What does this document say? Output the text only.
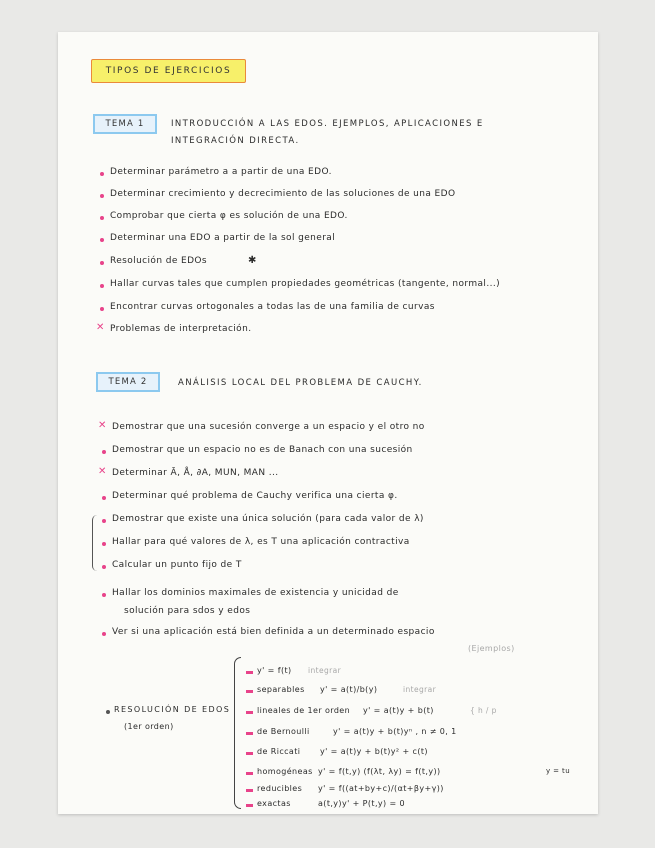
TIPOS DE EJERCICIOS
TEMA 1	INTRODUCCIÓN A LAS EDOS. EJEMPLOS, APLICACIONES E
INTEGRACIÓN DIRECTA.
Determinar parámetro a a partir de una EDO.
Determinar crecimiento y decrecimiento de las soluciones de una EDO
Comprobar que cierta φ es solución de una EDO.
Determinar una EDO a partir de la sol general
Resolución de EDOs	✱
Hallar curvas tales que cumplen propiedades geométricas (tangente, normal...)
Encontrar curvas ortogonales a todas las de una familia de curvas
✕ Problemas de interpretación.
TEMA 2	ANÁLISIS LOCAL DEL PROBLEMA DE CAUCHY.
✕ Demostrar que una sucesión converge a un espacio y el otro no
Demostrar que un espacio no es de Banach con una sucesión
✕ Determinar Ā, Å, ∂A, MUN, MAN ...
Determinar qué problema de Cauchy verifica una cierta φ.
Demostrar que existe una única solución (para cada valor de λ)
Hallar para qué valores de λ, es T una aplicación contractiva
Calcular un punto fijo de T
Hallar los dominios maximales de existencia y unicidad de
solución para sdos y edos
Ver si una aplicación está bien definida a un determinado espacio
(Ejemplos)
RESOLUCIÓN DE EDOS
(1er orden)
y' = f(t) integrar
separables y' = a(t)/b(y)	integrar
lineales de 1er orden y' = a(t)y + b(t)	{ h / p
de Bernoulli	y' = a(t)y + b(t)yⁿ , n ≠ 0, 1
de Riccati y' = a(t)y + b(t)y² + c(t)
homogéneas y' = f(t,y) (f(λt, λy) = f(t,y))	y = tu
reducibles y' = f((at+by+c)/(αt+βy+γ))
exactas	a(t,y)y' + P(t,y) = 0
